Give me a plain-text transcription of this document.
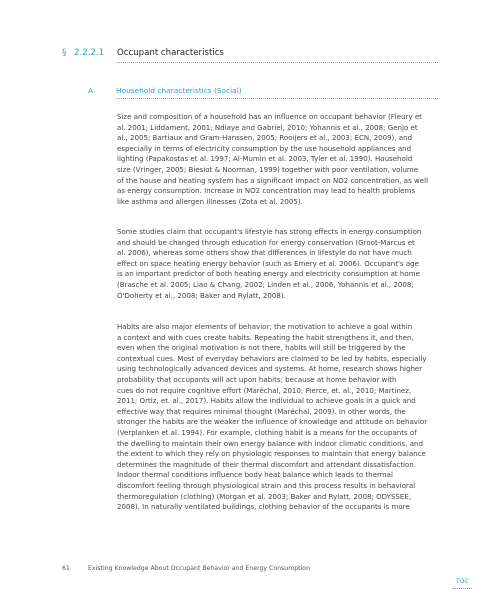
§ 2.2.2.1 Occupant characteristics
A	Household characteristics (Social)
Size and composition of a household has an influence on occupant behavior (Fleury et
al. 2001; Liddament, 2001; Ndiaye and Gabriel, 2010; Yohannis et al., 2008; Genjo et
al., 2005; Bartiaux and Gram-Hanssen, 2005; Rooijers et al., 2003; ECN, 2009), and
especially in terms of electricity consumption by the use household appliances and
lighting (Papakostas et al. 1997; Al-Mumin et al. 2003, Tyler et al. 1990). Household
size (Vringer, 2005; Biesiot & Noorman, 1999) together with poor ventilation, volume
of the house and heating system has a significant impact on NO2 concentration, as well
as energy consumption. Increase in NO2 concentration may lead to health problems
like asthma and allergen illnesses (Zota et al. 2005).
Some studies claim that occupant's lifestyle has strong effects in energy consumption
and should be changed through education for energy conservation (Groot-Marcus et
al. 2006), whereas some others show that differences in lifestyle do not have much
effect on space heating energy behavior (such as Emery et al. 2006). Occupant's age
is an important predictor of both heating energy and electricity consumption at home
(Brasche et al. 2005; Liao & Chang, 2002; Linden et al., 2006, Yohannis et al., 2008;
O'Doherty et al., 2008; Baker and Rylatt, 2008).
Habits are also major elements of behavior; the motivation to achieve a goal within
a context and with cues create habits. Repeating the habit strengthens it, and then,
even when the original motivation is not there, habits will still be triggered by the
contextual cues. Most of everyday behaviors are claimed to be led by habits, especially
using technologically advanced devices and systems. At home, research shows higher
probability that occupants will act upon habits; because at home behavior with
cues do not require cognitive effort (Maréchal, 2010; Pierce, et. al., 2010; Martinez,
2011; Ortiz, et. al., 2017). Habits allow the individual to achieve goals in a quick and
effective way that requires minimal thought (Maréchal, 2009). In other words, the
stronger the habits are the weaker the influence of knowledge and attitude on behavior
(Verplanken et al. 1994). For example, clothing habit is a means for the occupants of
the dwelling to maintain their own energy balance with indoor climatic conditions, and
the extent to which they rely on physiologic responses to maintain that energy balance
determines the magnitude of their thermal discomfort and attendant dissatisfaction.
Indoor thermal conditions influence body heat balance which leads to thermal
discomfort feeling through physiological strain and this process results in behavioral
thermoregulation (clothing) (Morgan et al. 2003; Baker and Rylatt, 2008; ODYSSEE,
2008). In naturally ventilated buildings, clothing behavior of the occupants is more
61	Existing Knowledge About Occupant Behavior and Energy Consumption
TOC
